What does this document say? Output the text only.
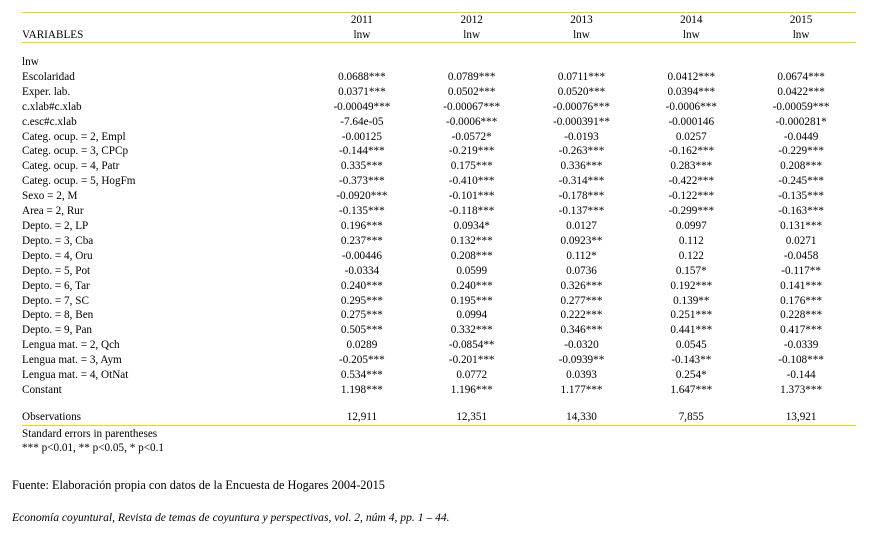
	2011	2012	2013	2014	2015
VARIABLES	lnw	lnw	lnw	lnw	lnw

lnw					
Escolaridad	0.0688***	0.0789***	0.0711***	0.0412***	0.0674***
Exper. lab.	0.0371***	0.0502***	0.0520***	0.0394***	0.0422***
c.xlab#c.xlab	-0.00049***	-0.00067***	-0.00076***	-0.0006***	-0.00059***
c.esc#c.xlab	-7.64e-05	-0.0006***	-0.000391**	-0.000146	-0.000281*
Categ. ocup. = 2, Empl	-0.00125	-0.0572*	-0.0193	0.0257	-0.0449
Categ. ocup. = 3, CPCp	-0.144***	-0.219***	-0.263***	-0.162***	-0.229***
Categ. ocup. = 4, Patr	0.335***	0.175***	0.336***	0.283***	0.208***
Categ. ocup. = 5, HogFm	-0.373***	-0.410***	-0.314***	-0.422***	-0.245***
Sexo = 2, M	-0.0920***	-0.101***	-0.178***	-0.122***	-0.135***
Area = 2, Rur	-0.135***	-0.118***	-0.137***	-0.299***	-0.163***
Depto. = 2, LP	0.196***	0.0934*	0.0127	0.0997	0.131***
Depto. = 3, Cba	0.237***	0.132***	0.0923**	0.112	0.0271
Depto. = 4, Oru	-0.00446	0.208***	0.112*	0.122	-0.0458
Depto. = 5, Pot	-0.0334	0.0599	0.0736	0.157*	-0.117**
Depto. = 6, Tar	0.240***	0.240***	0.326***	0.192***	0.141***
Depto. = 7, SC	0.295***	0.195***	0.277***	0.139**	0.176***
Depto. = 8, Ben	0.275***	0.0994	0.222***	0.251***	0.228***
Depto. = 9, Pan	0.505***	0.332***	0.346***	0.441***	0.417***
Lengua mat. = 2, Qch	0.0289	-0.0854**	-0.0320	0.0545	-0.0339
Lengua mat. = 3, Aym	-0.205***	-0.201***	-0.0939**	-0.143**	-0.108***
Lengua mat. = 4, OtNat	0.534***	0.0772	0.0393	0.254*	-0.144
Constant	1.198***	1.196***	1.177***	1.647***	1.373***

Observations	12,911	12,351	14,330	7,855	13,921
Standard errors in parentheses
*** p<0.01, ** p<0.05, * p<0.1
Fuente: Elaboración propia con datos de la Encuesta de Hogares 2004-2015
Economía coyuntural, Revista de temas de coyuntura y perspectivas, vol. 2, núm 4, pp. 1 – 44.
